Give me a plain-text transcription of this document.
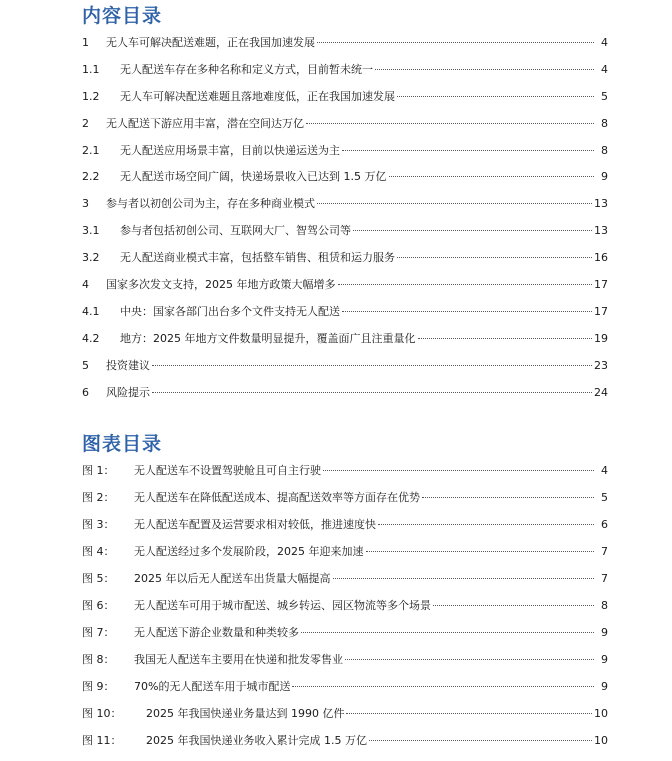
内容目录
1	无人车可解决配送难题，正在我国加速发展	4
1.1	无人配送车存在多种名称和定义方式，目前暂未统一	4
1.2	无人车可解决配送难题且落地难度低，正在我国加速发展	5
2	无人配送下游应用丰富，潜在空间达万亿	8
2.1	无人配送应用场景丰富，目前以快递运送为主	8
2.2	无人配送市场空间广阔，快递场景收入已达到 1.5 万亿	9
3	参与者以初创公司为主，存在多种商业模式	13
3.1	参与者包括初创公司、互联网大厂、智驾公司等	13
3.2	无人配送商业模式丰富，包括整车销售、租赁和运力服务	16
4	国家多次发文支持，2025 年地方政策大幅增多	17
4.1	中央：国家各部门出台多个文件支持无人配送	17
4.2	地方：2025 年地方文件数量明显提升，覆盖面广且注重量化	19
5	投资建议	23
6	风险提示	24
图表目录
图 1：	无人配送车不设置驾驶舱且可自主行驶	4
图 2：	无人配送车在降低配送成本、提高配送效率等方面存在优势	5
图 3：	无人配送车配置及运营要求相对较低，推进速度快	6
图 4：	无人配送经过多个发展阶段，2025 年迎来加速	7
图 5：	2025 年以后无人配送车出货量大幅提高	7
图 6：	无人配送车可用于城市配送、城乡转运、园区物流等多个场景	8
图 7：	无人配送下游企业数量和种类较多	9
图 8：	我国无人配送车主要用在快递和批发零售业	9
图 9：	70%的无人配送车用于城市配送	9
图 10：	2025 年我国快递业务量达到 1990 亿件	10
图 11：	2025 年我国快递业务收入累计完成 1.5 万亿	10
